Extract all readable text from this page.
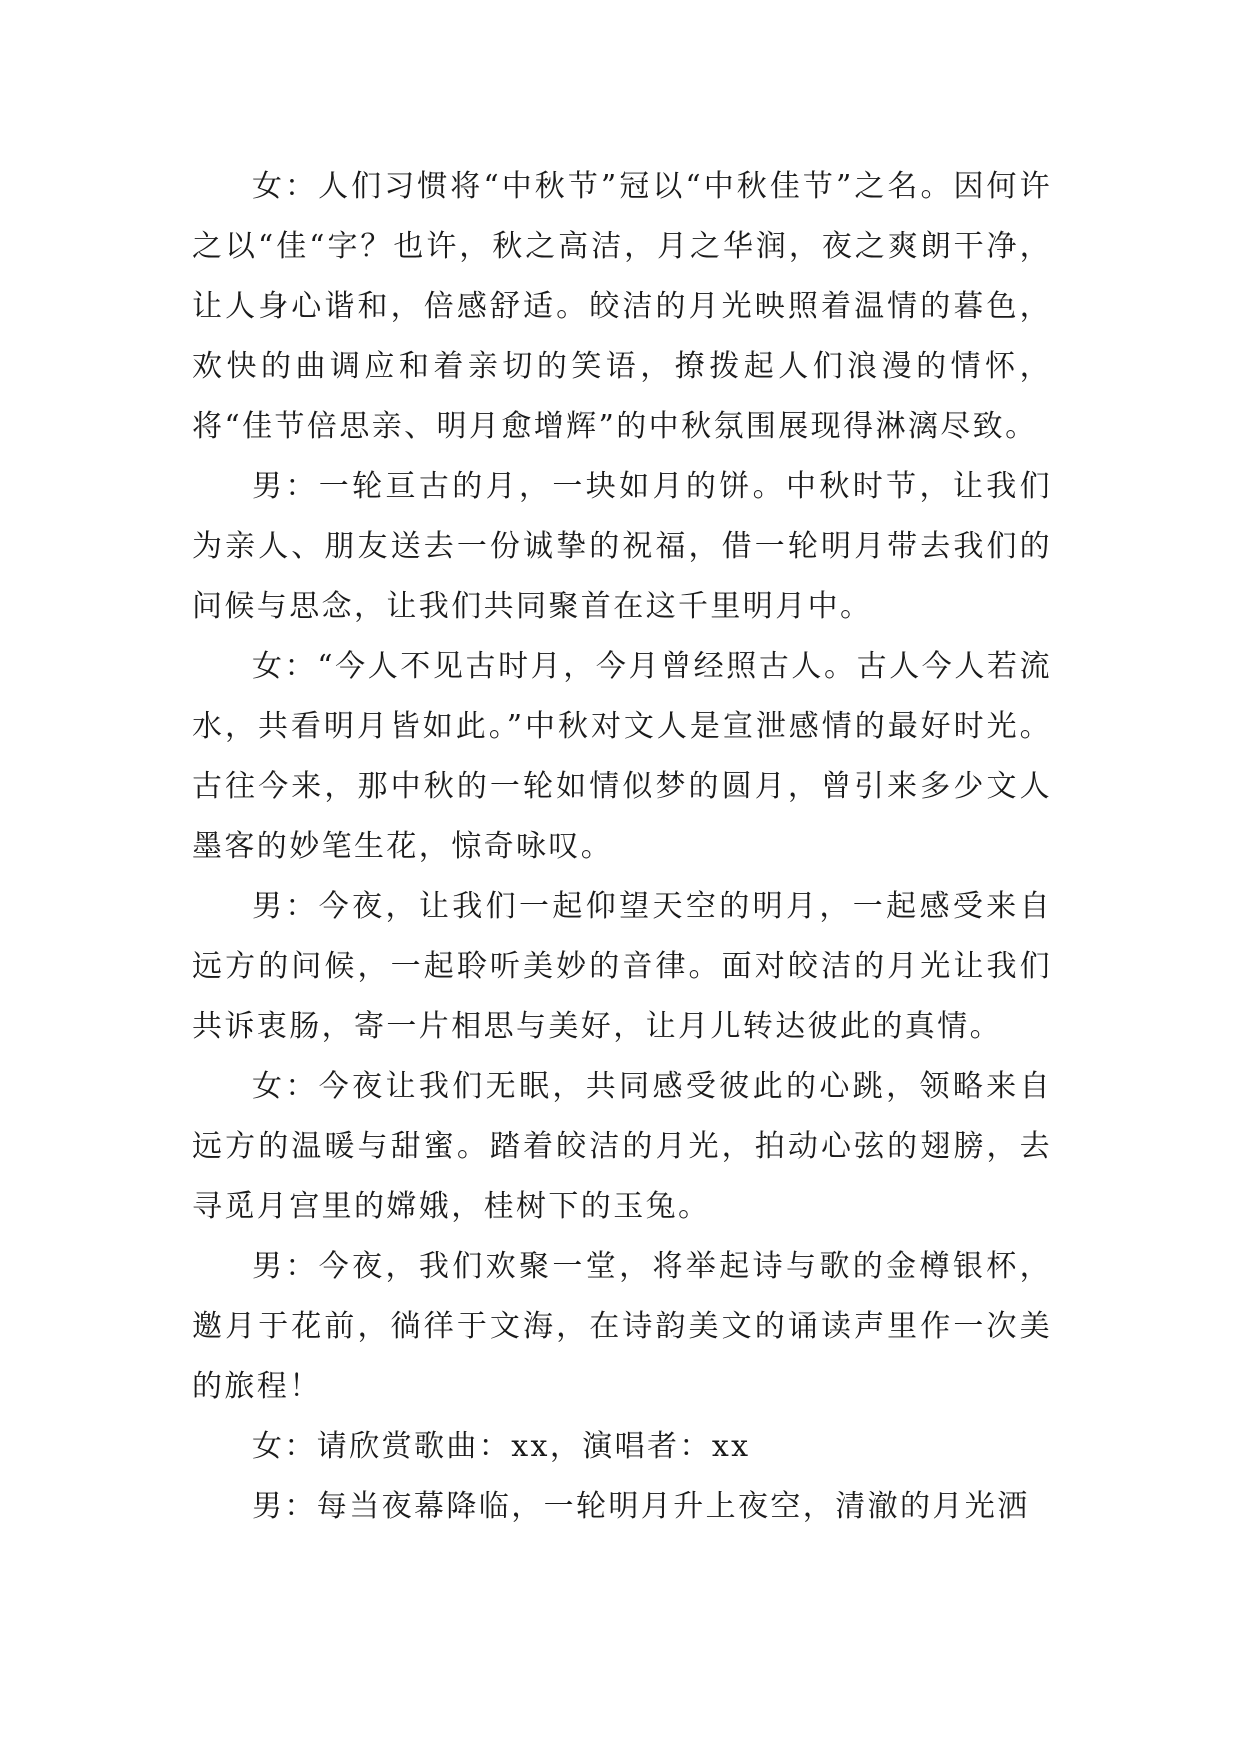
女：人们习惯将“中秋节”冠以“中秋佳节”之名。因何许之以“佳“字？也许，秋之高洁，月之华润，夜之爽朗干净，让人身心谐和，倍感舒适。皎洁的月光映照着温情的暮色，欢快的曲调应和着亲切的笑语，撩拨起人们浪漫的情怀，将“佳节倍思亲、明月愈增辉”的中秋氛围展现得淋漓尽致。

男：一轮亘古的月，一块如月的饼。中秋时节，让我们为亲人、朋友送去一份诚挚的祝福，借一轮明月带去我们的问候与思念，让我们共同聚首在这千里明月中。

女：“今人不见古时月，今月曾经照古人。古人今人若流水，共看明月皆如此。”中秋对文人是宣泄感情的最好时光。古往今来，那中秋的一轮如情似梦的圆月，曾引来多少文人墨客的妙笔生花，惊奇咏叹。

男：今夜，让我们一起仰望天空的明月，一起感受来自远方的问候，一起聆听美妙的音律。面对皎洁的月光让我们共诉衷肠，寄一片相思与美好，让月儿转达彼此的真情。

女：今夜让我们无眠，共同感受彼此的心跳，领略来自远方的温暖与甜蜜。踏着皎洁的月光，拍动心弦的翅膀，去寻觅月宫里的嫦娥，桂树下的玉兔。

男：今夜，我们欢聚一堂，将举起诗与歌的金樽银杯，邀月于花前，徜徉于文海，在诗韵美文的诵读声里作一次美的旅程！

女：请欣赏歌曲：xx，演唱者：xx

男：每当夜幕降临，一轮明月升上夜空，清澈的月光洒
